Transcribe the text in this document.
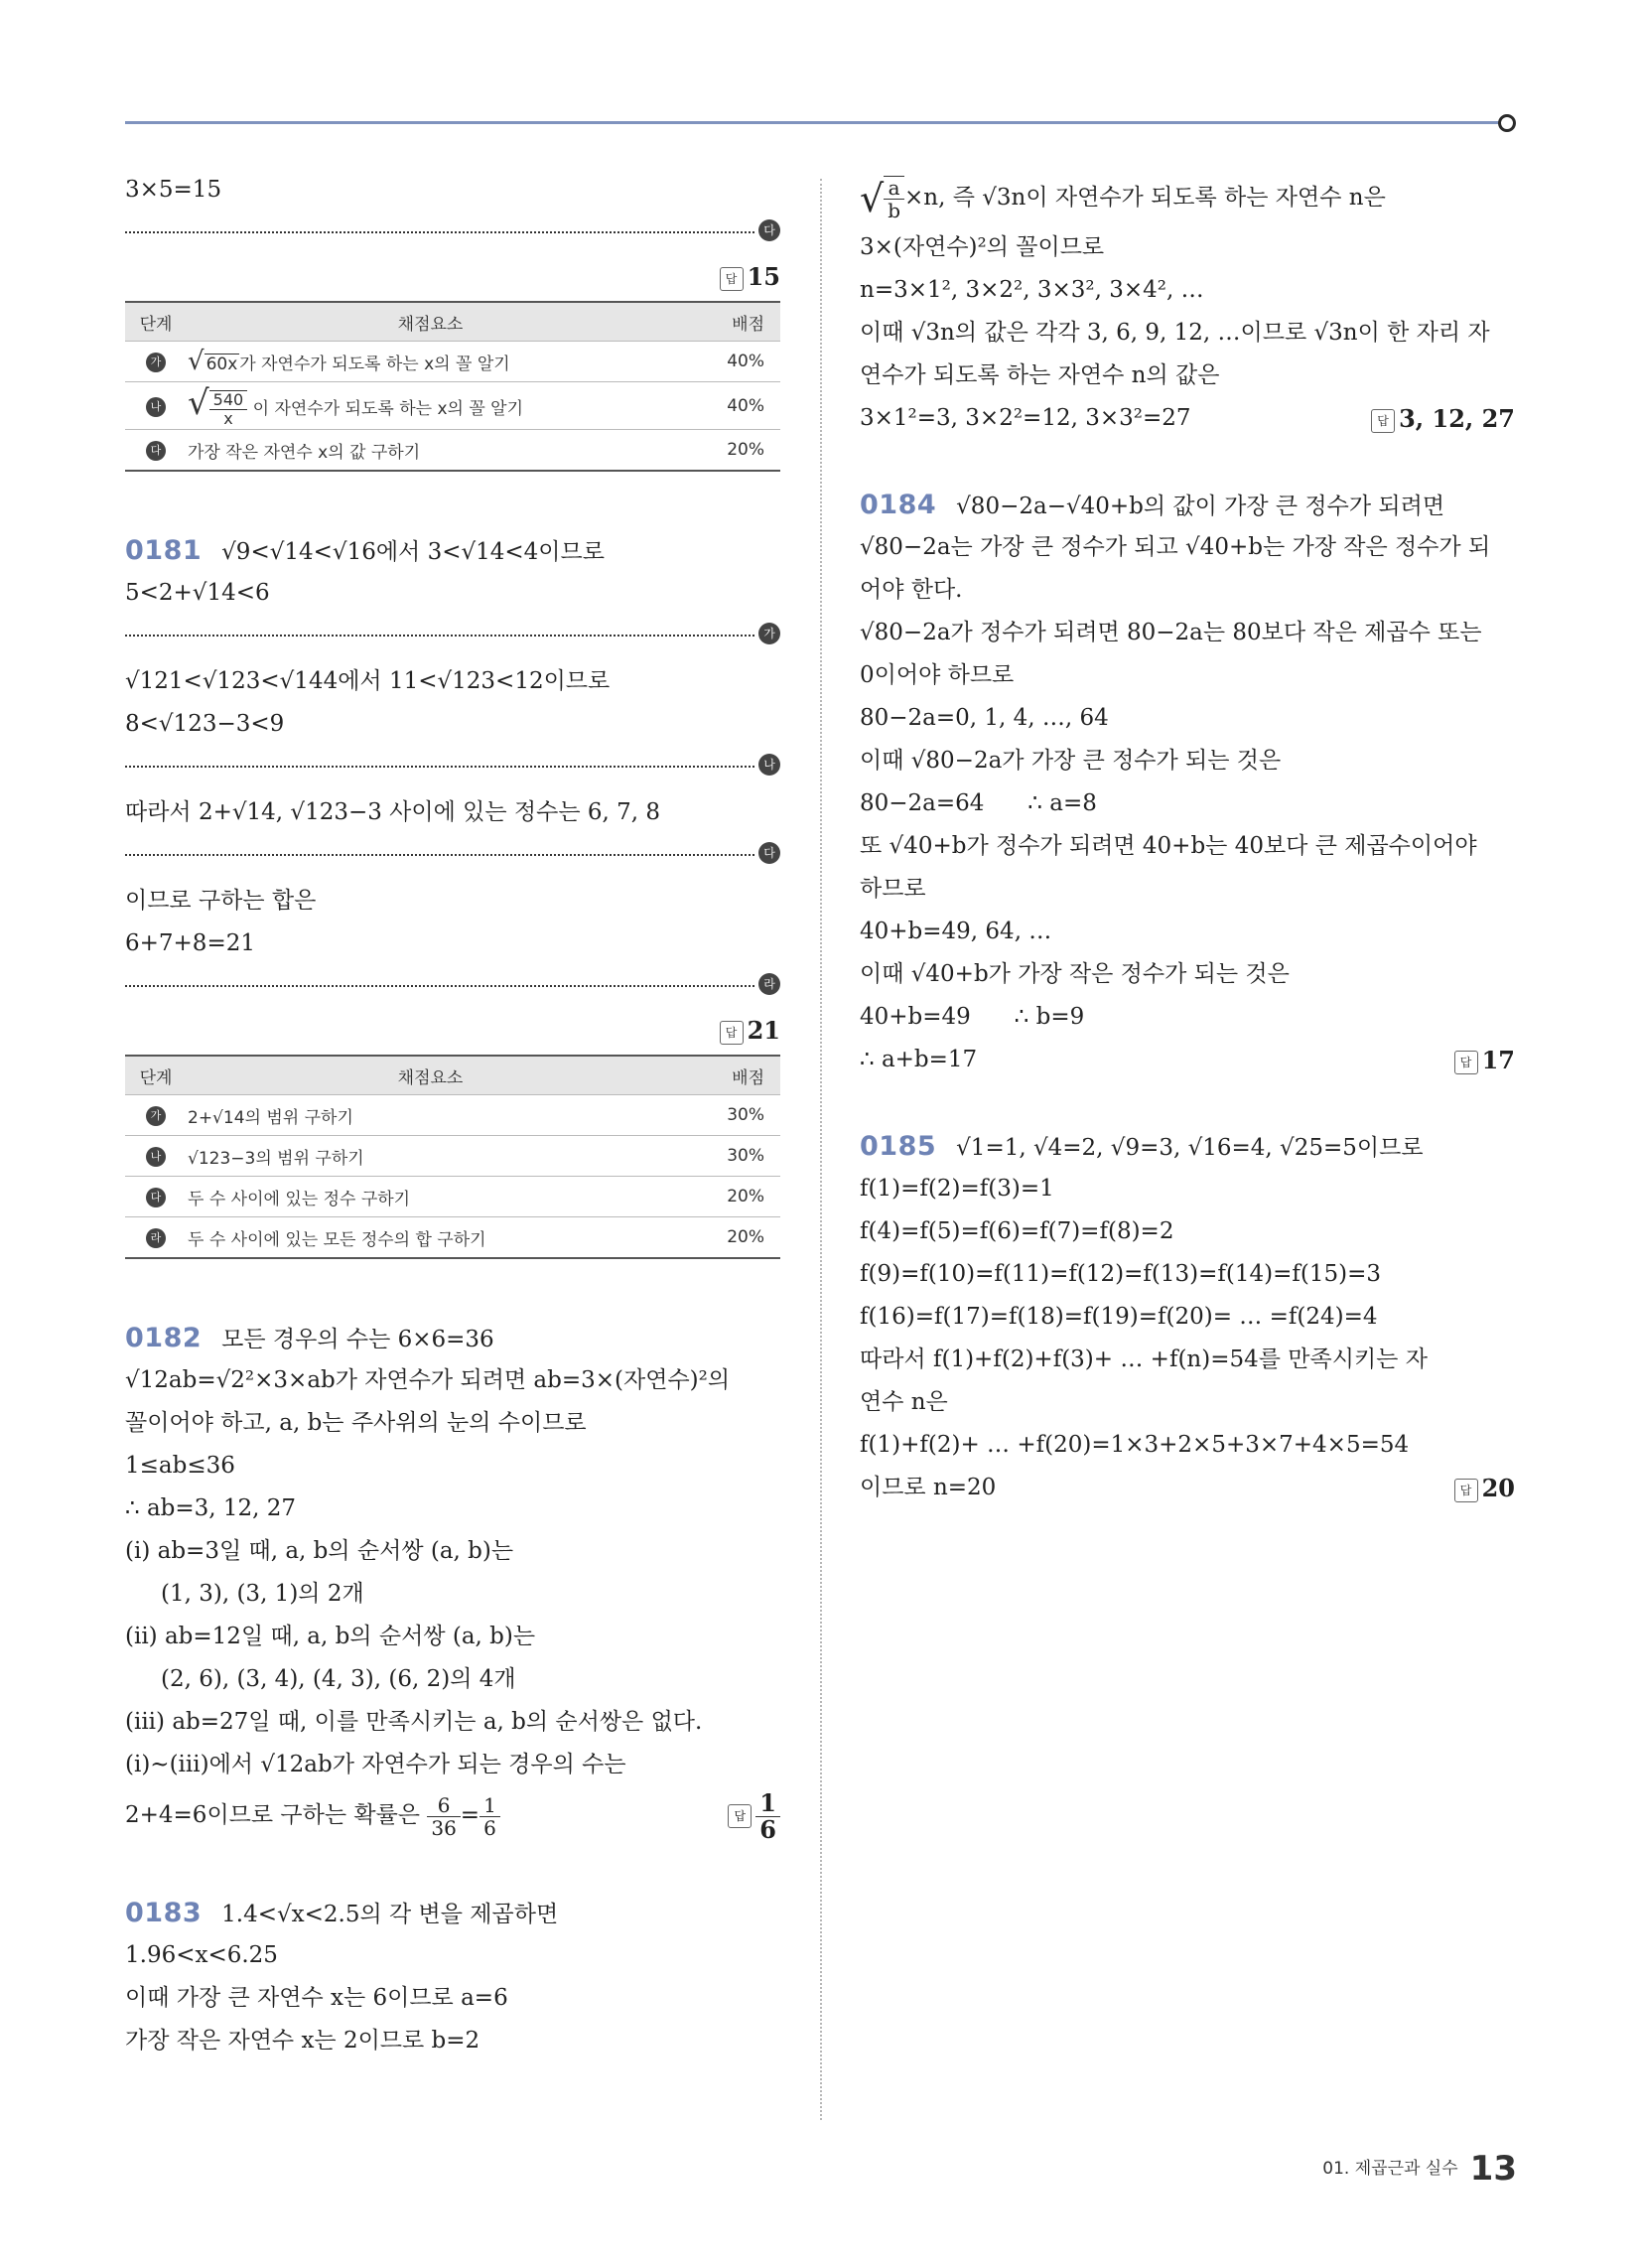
3×5=15
다
답 15
단계	채점요소	배점
가	√ 60x 가 자연수가 되도록 하는 x의 꼴 알기	40%
나	√ $\frac{540}{x}$ 이 자연수가 되도록 하는 x의 꼴 알기	40%
다	가장 작은 자연수 x의 값 구하기	20%
0181 √9<√14<√16에서 3<√14<4이므로
5<2+√14<6
가
√121<√123<√144에서 11<√123<12이므로
8<√123−3<9
나
따라서 2+√14, √123−3 사이에 있는 정수는 6, 7, 8
다
이므로 구하는 합은
6+7+8=21
라
답 21
단계	채점요소	배점
가	2+√14의 범위 구하기	30%
나	√123−3의 범위 구하기	30%
다	두 수 사이에 있는 정수 구하기	20%
라	두 수 사이에 있는 모든 정수의 합 구하기	20%
0182 모든 경우의 수는 6×6=36
√12ab=√2²×3×ab가 자연수가 되려면 ab=3×(자연수)²의
꼴이어야 하고, a, b는 주사위의 눈의 수이므로
1≤ab≤36
∴ ab=3, 12, 27
(i) ab=3일 때, a, b의 순서쌍 (a, b)는
(1, 3), (3, 1)의 2개
(ii) ab=12일 때, a, b의 순서쌍 (a, b)는
(2, 6), (3, 4), (4, 3), (6, 2)의 4개
(iii) ab=27일 때, 이를 만족시키는 a, b의 순서쌍은 없다.
(i)~(iii)에서 √12ab가 자연수가 되는 경우의 수는
2+4=6이므로 구하는 확률은 $\frac{6}{36} = \frac{1}{6}$	답 $\frac{1}{6}$
0183 1.4<√x<2.5의 각 변을 제곱하면
1.96<x<6.25
이때 가장 큰 자연수 x는 6이므로 a=6
가장 작은 자연수 x는 2이므로 b=2
√ $\frac{a}{b} \times n$, 즉 √3n이 자연수가 되도록 하는 자연수 n은
3×(자연수)²의 꼴이므로
n=3×1², 3×2², 3×3², 3×4², …
이때 √3n의 값은 각각 3, 6, 9, 12, …이므로 √3n이 한 자리 자
연수가 되도록 하는 자연수 n의 값은
3×1²=3, 3×2²=12, 3×3²=27	답 3, 12, 27
0184 √80−2a−√40+b의 값이 가장 큰 정수가 되려면
√80−2a는 가장 큰 정수가 되고 √40+b는 가장 작은 정수가 되
어야 한다.
√80−2a가 정수가 되려면 80−2a는 80보다 작은 제곱수 또는
0이어야 하므로
80−2a=0, 1, 4, …, 64
이때 √80−2a가 가장 큰 정수가 되는 것은
80−2a=64      ∴ a=8
또 √40+b가 정수가 되려면 40+b는 40보다 큰 제곱수이어야
하므로
40+b=49, 64, …
이때 √40+b가 가장 작은 정수가 되는 것은
40+b=49      ∴ b=9
∴ a+b=17	답 17
0185 √1=1, √4=2, √9=3, √16=4, √25=5이므로
f(1)=f(2)=f(3)=1
f(4)=f(5)=f(6)=f(7)=f(8)=2
f(9)=f(10)=f(11)=f(12)=f(13)=f(14)=f(15)=3
f(16)=f(17)=f(18)=f(19)=f(20)= … =f(24)=4
따라서 f(1)+f(2)+f(3)+ … +f(n)=54를 만족시키는 자
연수 n은
f(1)+f(2)+ … +f(20)=1×3+2×5+3×7+4×5=54
이므로 n=20	답 20
01. 제곱근과 실수 13
